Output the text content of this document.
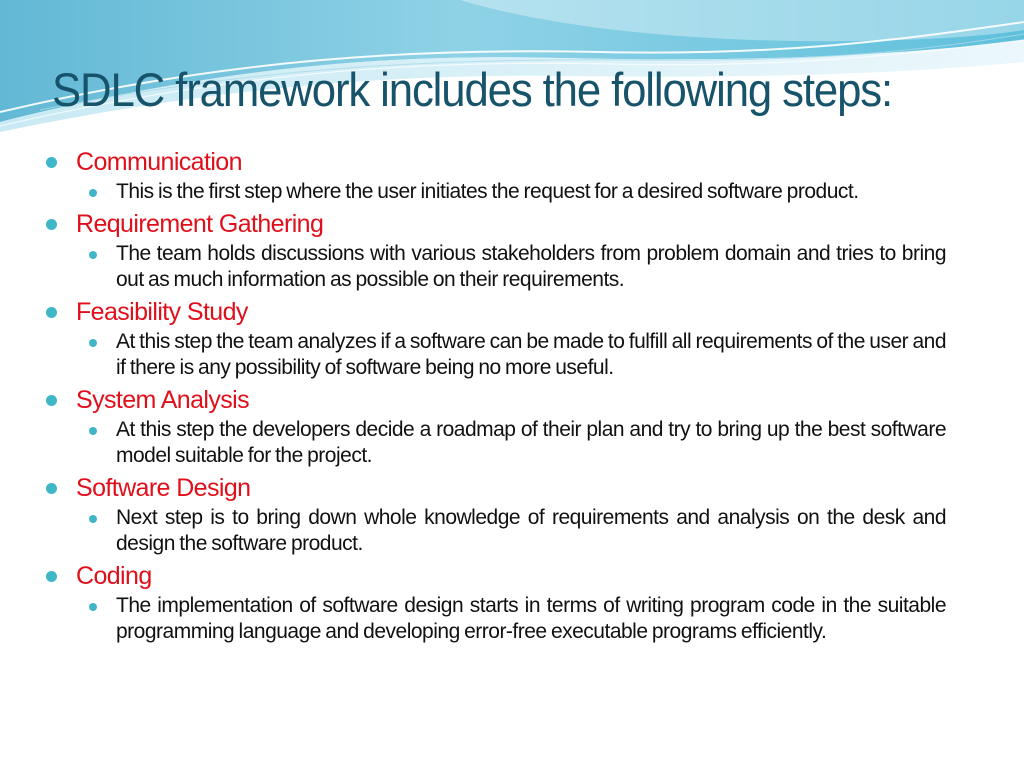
SDLC framework includes the following steps:
Communication
This is the first step where the user initiates the request for a desired software product.
Requirement Gathering
The team holds discussions with various stakeholders from problem domain and tries to bring out as much information as possible on their requirements.
Feasibility Study
At this step the team analyzes if a software can be made to fulfill all requirements of the user and if there is any possibility of software being no more useful.
System Analysis
At this step the developers decide a roadmap of their plan and try to bring up the best software model suitable for the project.
Software Design
Next step is to bring down whole knowledge of requirements and analysis on the desk and design the software product.
Coding
The implementation of software design starts in terms of writing program code in the suitable programming language and developing error-free executable programs efficiently.
